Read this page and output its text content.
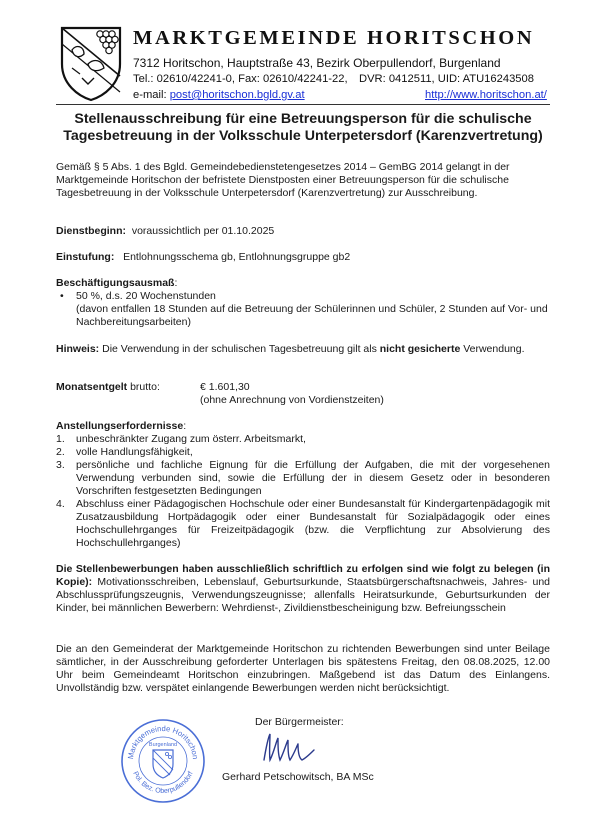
MARKTGEMEINDE HORITSCHON
7312 Horitschon, Hauptstraße 43, Bezirk Oberpullendorf, Burgenland
Tel.: 02610/42241-0, Fax: 02610/42241-22, DVR: 0412511, UID: ATU16243508
e-mail: post@horitschon.bgld.gv.at	http://www.horitschon.at/
Stellenausschreibung für eine Betreuungsperson für die schulische
Tagesbetreuung in der Volksschule Unterpetersdorf (Karenzvertretung)
Gemäß § 5 Abs. 1 des Bgld. Gemeindebedienstetengesetzes 2014 – GemBG 2014 gelangt in der Marktgemeinde Horitschon der befristete Dienstposten einer Betreuungsperson für die schulische Tagesbetreuung in der Volksschule Unterpetersdorf (Karenzvertretung) zur Ausschreibung.
Dienstbeginn: voraussichtlich per 01.10.2025
Einstufung: Entlohnungsschema gb, Entlohnungsgruppe gb2
Beschäftigungsausmaß:
• 50 %, d.s. 20 Wochenstunden
(davon entfallen 18 Stunden auf die Betreuung der Schülerinnen und Schüler, 2 Stunden auf Vor- und Nachbereitungsarbeiten)
Hinweis: Die Verwendung in der schulischen Tagesbetreuung gilt als nicht gesicherte Verwendung.
Monatsentgelt brutto:	€ 1.601,30
(ohne Anrechnung von Vordienstzeiten)
Anstellungserfordernisse:
1. unbeschränkter Zugang zum österr. Arbeitsmarkt,
2. volle Handlungsfähigkeit,
3. persönliche und fachliche Eignung für die Erfüllung der Aufgaben, die mit der vorgesehenen Verwendung verbunden sind, sowie die Erfüllung der in diesem Gesetz oder in besonderen Vorschriften festgesetzten Bedingungen
4. Abschluss einer Pädagogischen Hochschule oder einer Bundesanstalt für Kindergartenpädagogik mit Zusatzausbildung Hortpädagogik oder einer Bundesanstalt für Sozialpädagogik oder eines Hochschullehrganges für Freizeitpädagogik (bzw. die Verpflichtung zur Absolvierung des Hochschullehrganges)
Die Stellenbewerbungen haben ausschließlich schriftlich zu erfolgen sind wie folgt zu belegen (in Kopie): Motivationsschreiben, Lebenslauf, Geburtsurkunde, Staatsbürgerschaftsnachweis, Jahres- und Abschlussprüfungszeugnis, Verwendungszeugnisse; allenfalls Heiratsurkunde, Geburtsurkunden der Kinder, bei männlichen Bewerbern: Wehrdienst-, Zivildienstbescheinigung bzw. Befreiungsschein
Die an den Gemeinderat der Marktgemeinde Horitschon zu richtenden Bewerbungen sind unter Beilage sämtlicher, in der Ausschreibung geforderter Unterlagen bis spätestens Freitag, den 08.08.2025, 12.00 Uhr beim Gemeindeamt Horitschon einzubringen. Maßgebend ist das Datum des Einlangens. Unvollständig bzw. verspätet einlangende Bewerbungen werden nicht berücksichtigt.
Der Bürgermeister:
Gerhard Petschowitsch, BA MSc
Marktgemeinde Horitschon
Pol. Bez. Oberpullendorf
Burgenland
